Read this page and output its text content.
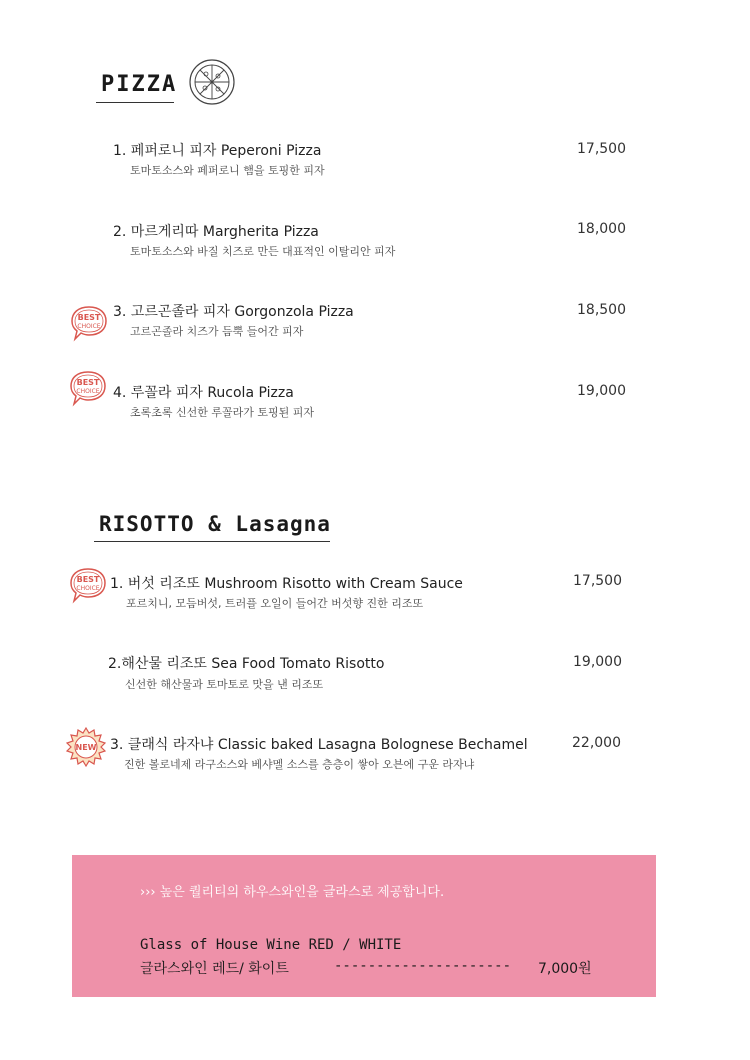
PIZZA
1. 페퍼로니 피자 Peperoni Pizza
토마토소스와 페퍼로니 햄을 토핑한 피자
17,500
2. 마르게리따 Margherita Pizza
토마토소스와 바질 치즈로 만든 대표적인 이탈리안 피자
18,000
BEST
CHOICE
3. 고르곤졸라 피자 Gorgonzola Pizza
고르곤졸라 치즈가 듬뿍 들어간 피자
18,500
BEST
CHOICE 4. 루꼴라 피자 Rucola Pizza
초록초록 신선한 루꼴라가 토핑된 피자
19,000
RISOTTO & Lasagna
BEST
CHOICE 1. 버섯 리조또 Mushroom Risotto with Cream Sauce
포르치니, 모듬버섯, 트러플 오일이 들어간 버섯향 진한 리조또
17,500
2.해산물 리조또 Sea Food Tomato Risotto
신선한 해산물과 토마토로 맛을 낸 리조또
19,000
NEW 3. 클래식 라자냐 Classic baked Lasagna Bolognese Bechamel
진한 볼로네제 라구소스와 베샤멜 소스를 층층이 쌓아 오븐에 구운 라자냐
22,000
››› 높은 퀄리티의 하우스와인을 글라스로 제공합니다.
Glass of House Wine RED / WHITE
글라스와인 레드/ 화이트	--------------------- 7,000원
